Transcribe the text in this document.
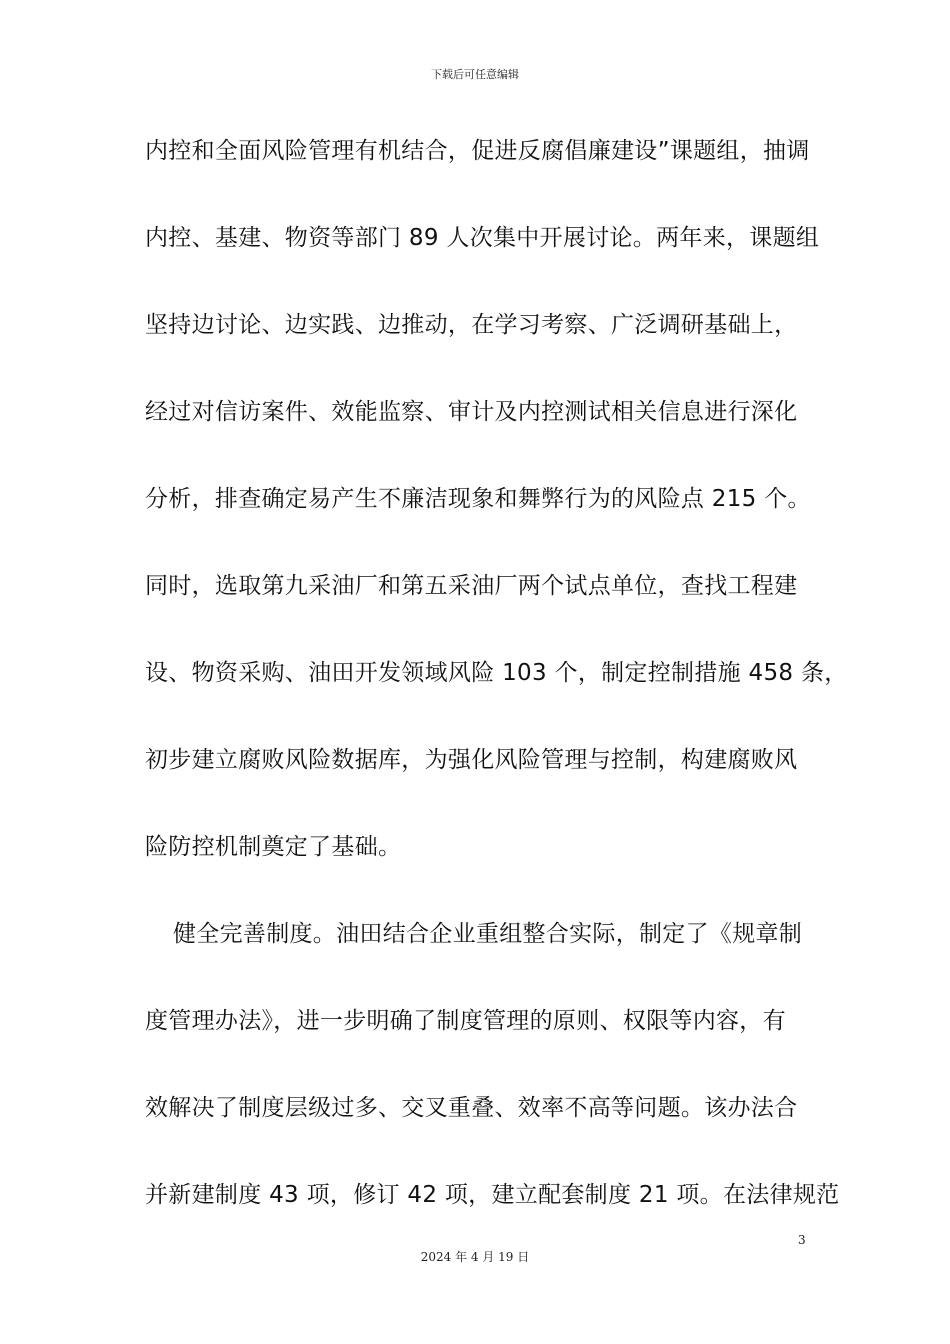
下载后可任意编辑
内控和全面风险管理有机结合，促进反腐倡廉建设”课题组，抽调
内控、基建、物资等部门 89 人次集中开展讨论。两年来，课题组
坚持边讨论、边实践、边推动，在学习考察、广泛调研基础上，
经过对信访案件、效能监察、审计及内控测试相关信息进行深化
分析，排查确定易产生不廉洁现象和舞弊行为的风险点 215 个。
同时，选取第九采油厂和第五采油厂两个试点单位，查找工程建
设、物资采购、油田开发领域风险 103 个，制定控制措施 458 条，
初步建立腐败风险数据库，为强化风险管理与控制，构建腐败风
险防控机制奠定了基础。
健全完善制度。油田结合企业重组整合实际，制定了《规章制
度管理办法》，进一步明确了制度管理的原则、权限等内容，有
效解决了制度层级过多、交叉重叠、效率不高等问题。该办法合
并新建制度 43 项，修订 42 项，建立配套制度 21 项。在法律规范
3
2024 年 4 月 19 日
